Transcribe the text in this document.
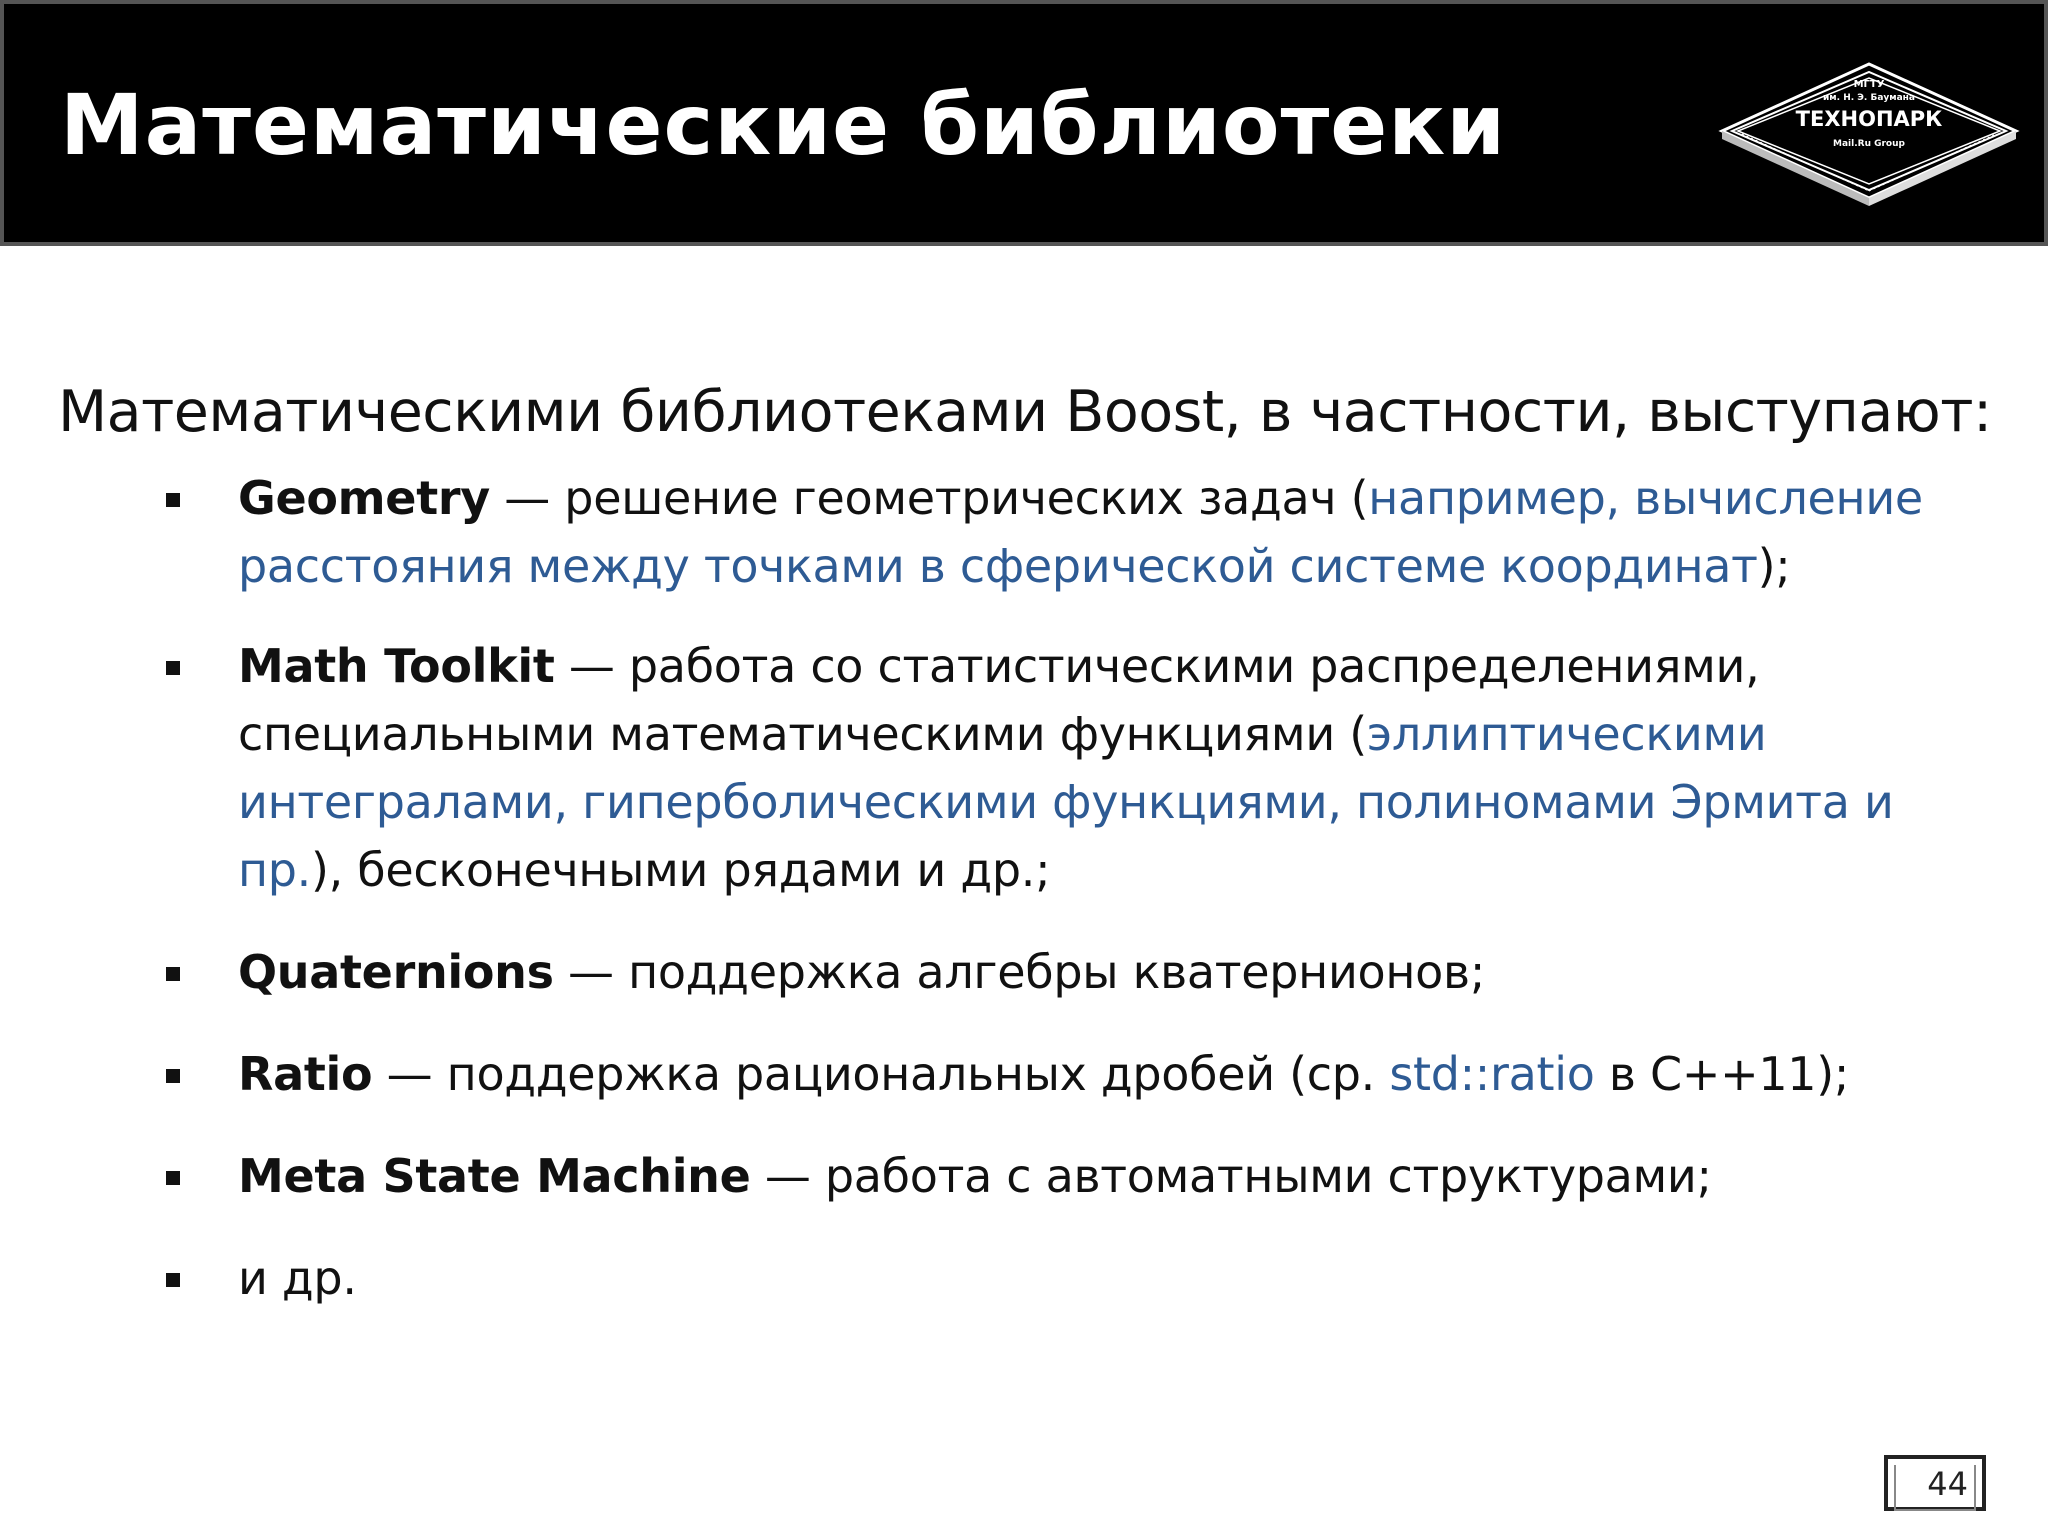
Математические библиотеки	МГТУ
им. Н. Э. Баумана
ТЕХНОПАРК
Mail.Ru Group
Математическими библиотеками Boost, в частности, выступают:
Geometry — решение геометрических задач (например, вычисление расстояния между точками в сферической системе координат);
Math Toolkit — работа со статистическими распределениями, специальными математическими функциями (эллиптическими интегралами, гиперболическими функциями, полиномами Эрмита и пр.), бесконечными рядами и др.;
Quaternions — поддержка алгебры кватернионов;
Ratio — поддержка рациональных дробей (ср. std::ratio в C++11);
Meta State Machine — работа с автоматными структурами;
и др.
44
